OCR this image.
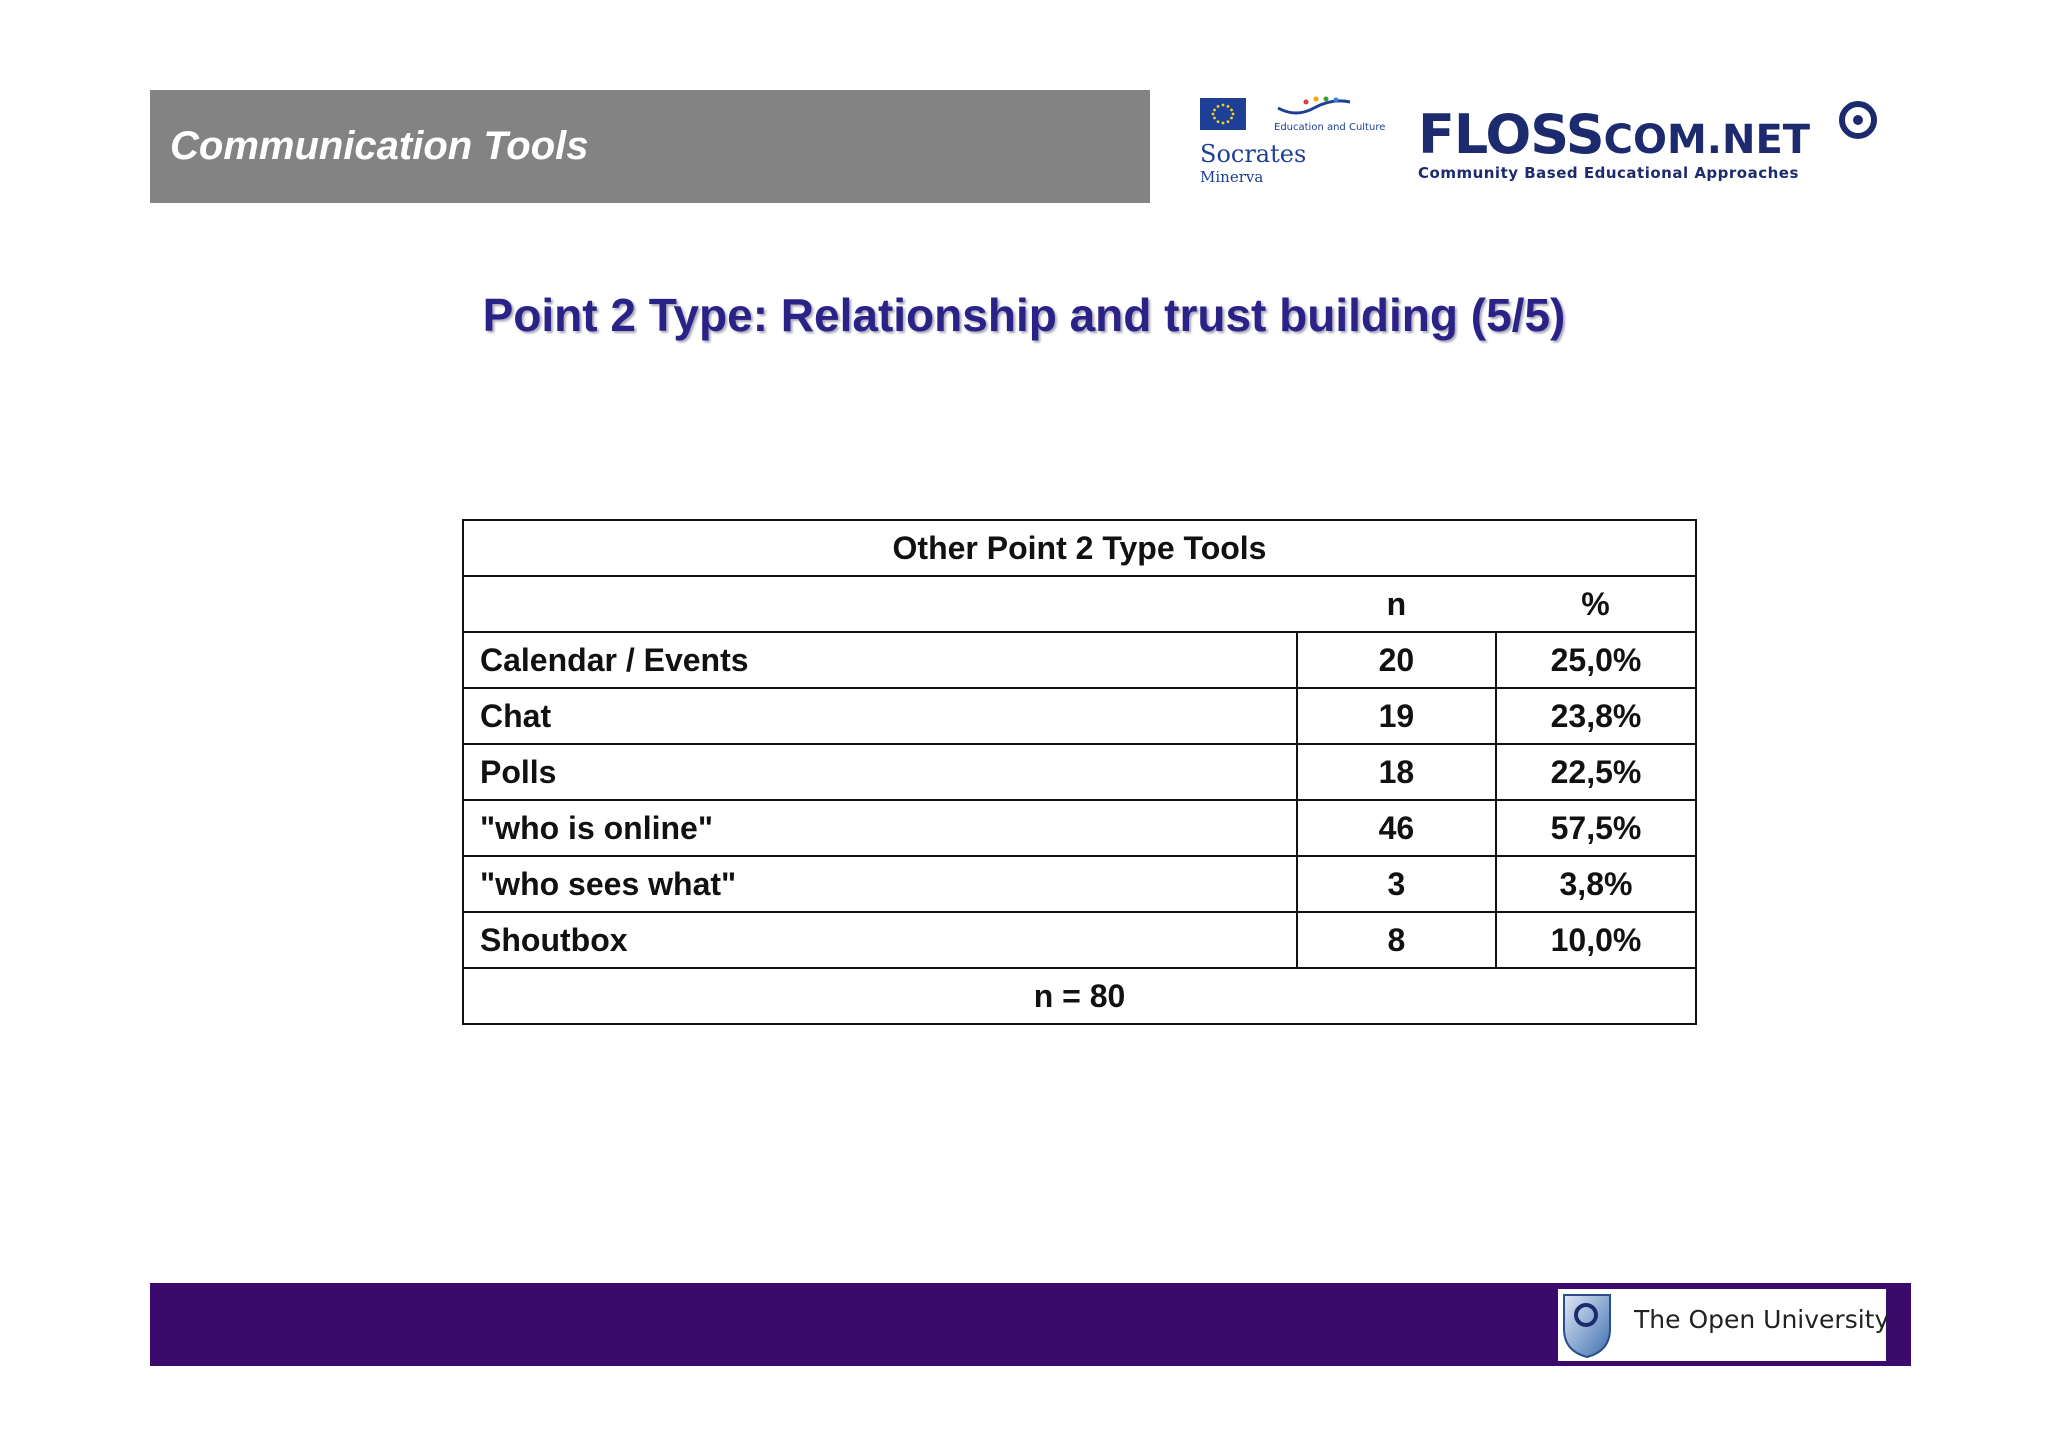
Communication Tools	Education and Culture
Socrates
Minerva
FLOSSCOM.NET
Community Based Educational Approaches
Point 2 Type: Relationship and trust building (5/5)
Other Point 2 Type Tools		
	n	%
Calendar / Events	20	25,0%
Chat	19	23,8%
Polls	18	22,5%
"who is online"	46	57,5%
"who sees what"	3	3,8%
Shoutbox	8	10,0%
n = 80		
The Open University
